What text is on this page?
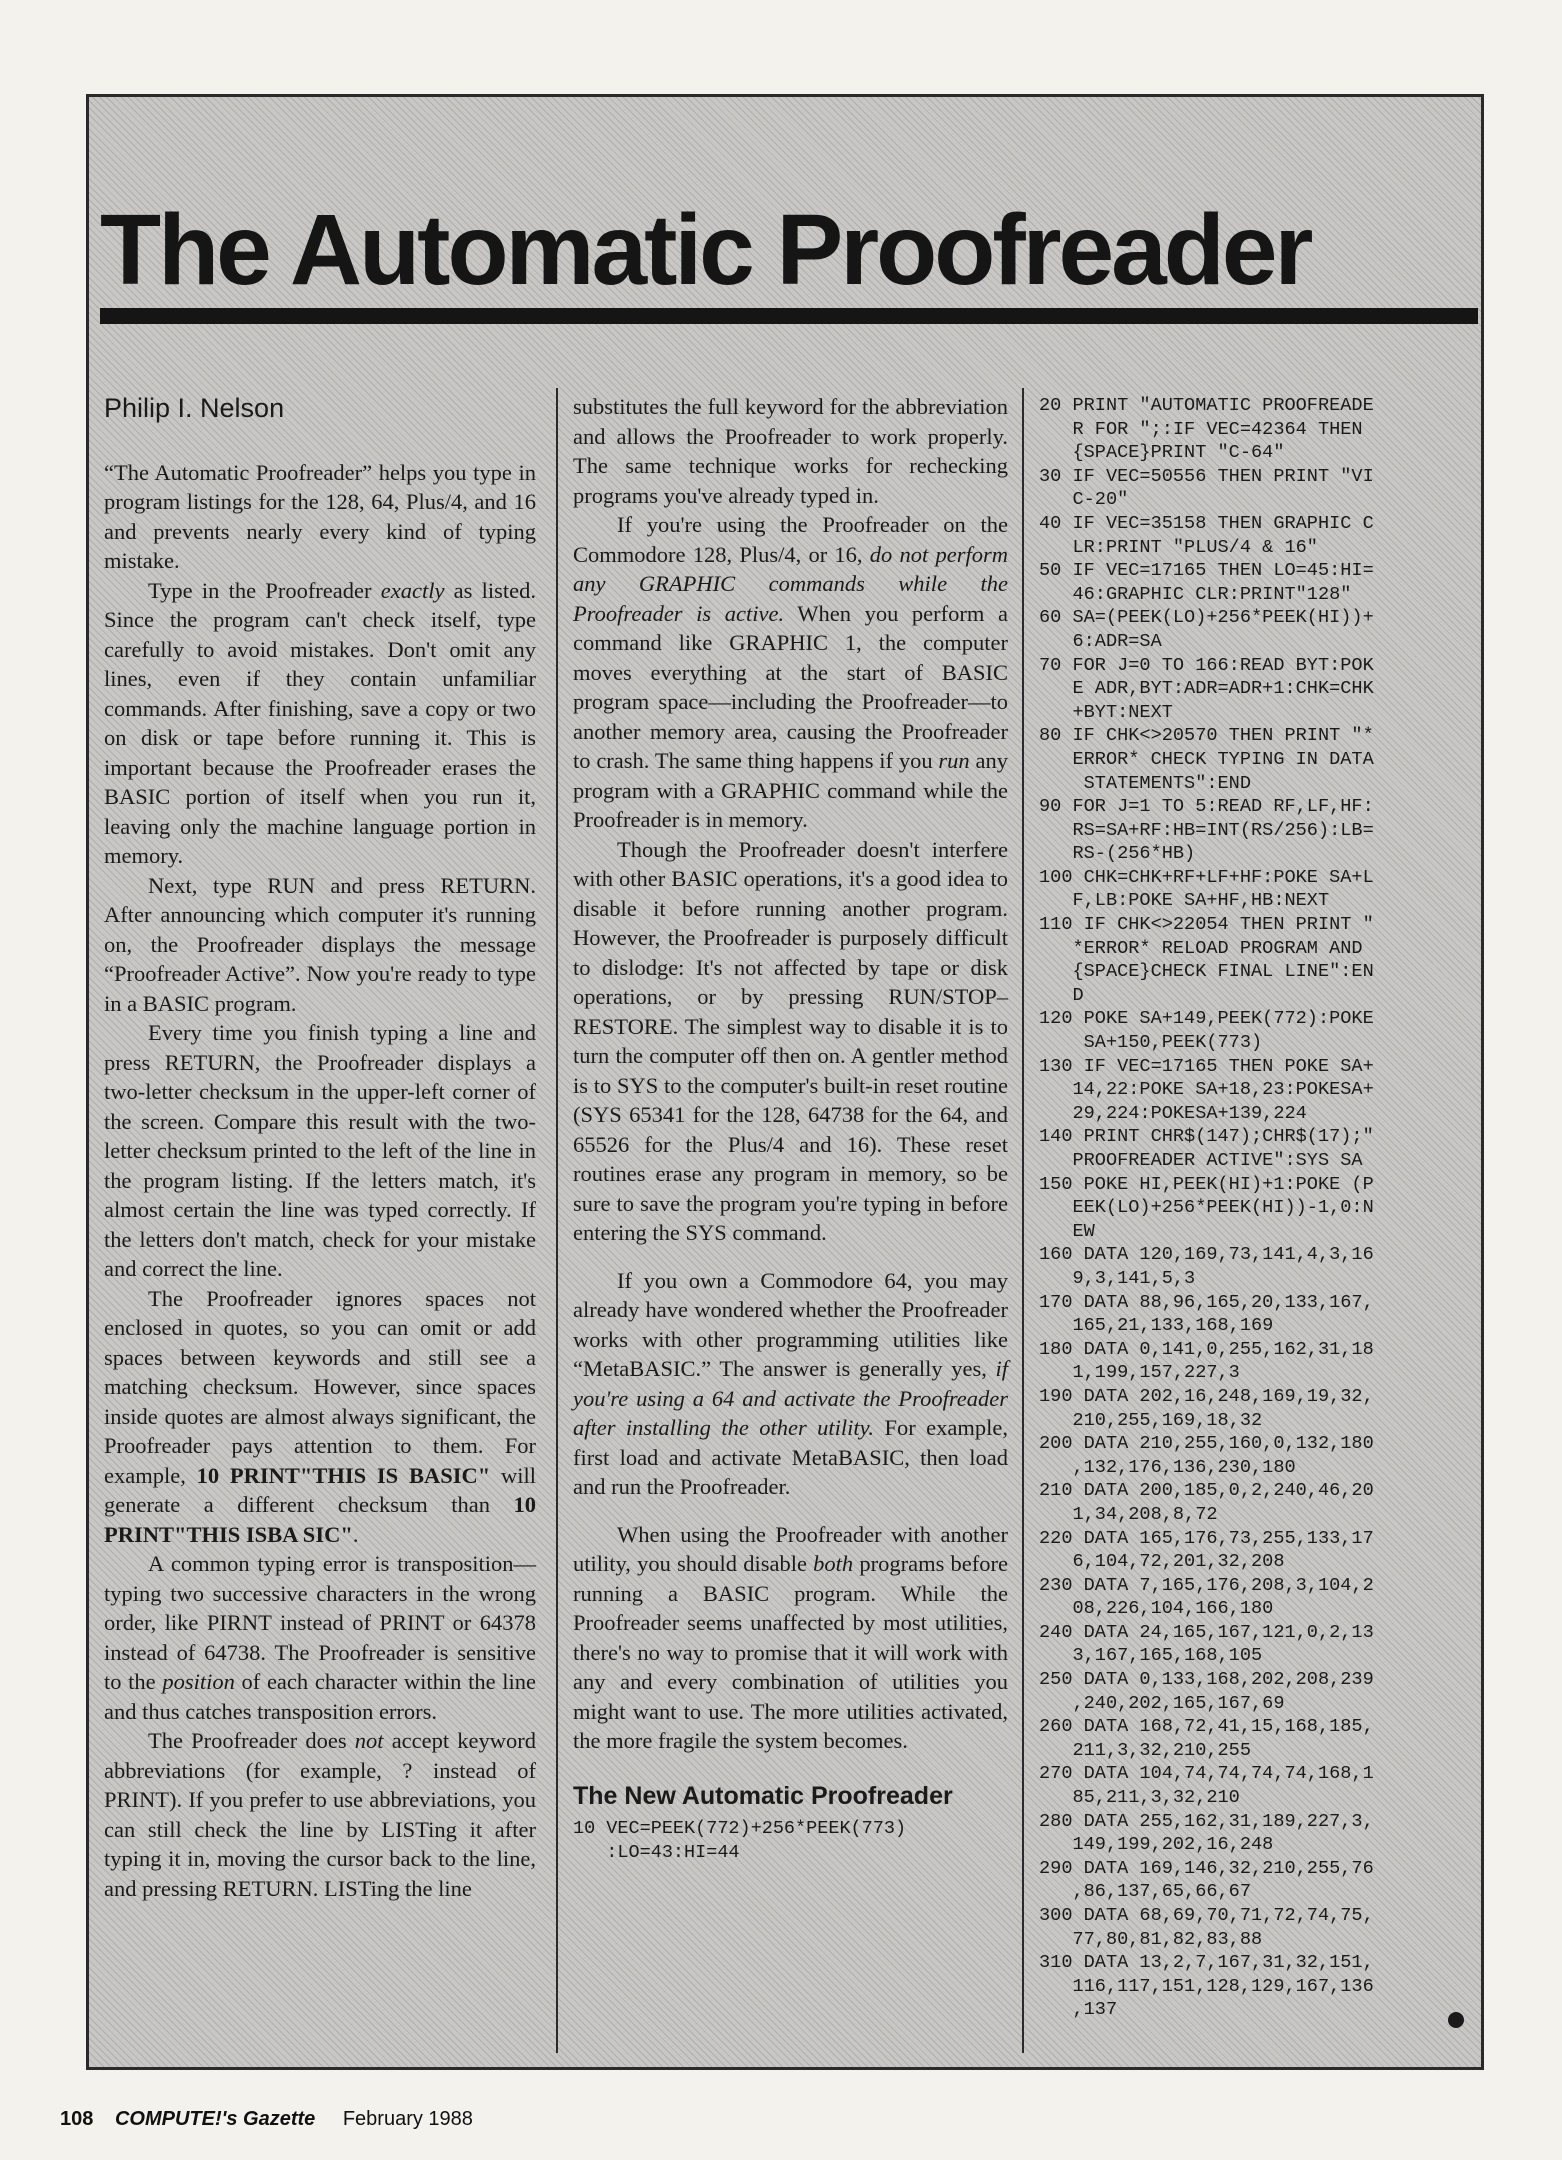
The Automatic Proofreader
Philip I. Nelson

“The Automatic Proofreader” helps you type in program listings for the 128, 64, Plus/4, and 16 and prevents nearly every kind of typing mistake.

Type in the Proofreader exactly as listed. Since the program can't check itself, type carefully to avoid mistakes. Don't omit any lines, even if they contain unfamiliar commands. After finishing, save a copy or two on disk or tape before running it. This is important because the Proofreader erases the BASIC portion of itself when you run it, leaving only the machine language portion in memory.

Next, type RUN and press RETURN. After announcing which computer it's running on, the Proofreader displays the message “Proofreader Active”. Now you're ready to type in a BASIC program.

Every time you finish typing a line and press RETURN, the Proofreader displays a two-letter checksum in the upper-left corner of the screen. Compare this result with the two-letter checksum printed to the left of the line in the program listing. If the letters match, it's almost certain the line was typed correctly. If the letters don't match, check for your mistake and correct the line.

The Proofreader ignores spaces not enclosed in quotes, so you can omit or add spaces between keywords and still see a matching checksum. However, since spaces inside quotes are almost always significant, the Proofreader pays attention to them. For example, 10 PRINT"THIS IS BASIC" will generate a different checksum than 10 PRINT"THIS ISBA SIC".

A common typing error is transposition—typing two successive characters in the wrong order, like PIRNT instead of PRINT or 64378 instead of 64738. The Proofreader is sensitive to the position of each character within the line and thus catches transposition errors.

The Proofreader does not accept keyword abbreviations (for example, ? instead of PRINT). If you prefer to use abbreviations, you can still check the line by LISTing it after typing it in, moving the cursor back to the line, and pressing RETURN. LISTing the line

substitutes the full keyword for the abbreviation and allows the Proofreader to work properly. The same technique works for rechecking programs you've already typed in.

If you're using the Proofreader on the Commodore 128, Plus/4, or 16, do not perform any GRAPHIC commands while the Proofreader is active. When you perform a command like GRAPHIC 1, the computer moves everything at the start of BASIC program space—including the Proofreader—to another memory area, causing the Proofreader to crash. The same thing happens if you run any program with a GRAPHIC command while the Proofreader is in memory.

Though the Proofreader doesn't interfere with other BASIC operations, it's a good idea to disable it before running another program. However, the Proofreader is purposely difficult to dislodge: It's not affected by tape or disk operations, or by pressing RUN/STOP–RESTORE. The simplest way to disable it is to turn the computer off then on. A gentler method is to SYS to the computer's built-in reset routine (SYS 65341 for the 128, 64738 for the 64, and 65526 for the Plus/4 and 16). These reset routines erase any program in memory, so be sure to save the program you're typing in before entering the SYS command.

If you own a Commodore 64, you may already have wondered whether the Proofreader works with other programming utilities like “MetaBASIC.” The answer is generally yes, if you're using a 64 and activate the Proofreader after installing the other utility. For example, first load and activate MetaBASIC, then load and run the Proofreader.

When using the Proofreader with another utility, you should disable both programs before running a BASIC program. While the Proofreader seems unaffected by most utilities, there's no way to promise that it will work with any and every combination of utilities you might want to use. The more utilities activated, the more fragile the system becomes.

The New Automatic Proofreader
10 VEC=PEEK(772)+256*PEEK(773)
:LO=43:HI=44
20 PRINT "AUTOMATIC PROOFREADE
R FOR ";:IF VEC=42364 THEN
{SPACE}PRINT "C-64"
30 IF VEC=50556 THEN PRINT "VI
C-20"
40 IF VEC=35158 THEN GRAPHIC C
LR:PRINT "PLUS/4 & 16"
50 IF VEC=17165 THEN LO=45:HI=
46:GRAPHIC CLR:PRINT"128"
60 SA=(PEEK(LO)+256*PEEK(HI))+
6:ADR=SA
70 FOR J=0 TO 166:READ BYT:POK
E ADR,BYT:ADR=ADR+1:CHK=CHK
+BYT:NEXT
80 IF CHK<>20570 THEN PRINT "*
ERROR* CHECK TYPING IN DATA
STATEMENTS":END
90 FOR J=1 TO 5:READ RF,LF,HF:
RS=SA+RF:HB=INT(RS/256):LB=
RS-(256*HB)
100 CHK=CHK+RF+LF+HF:POKE SA+L
F,LB:POKE SA+HF,HB:NEXT
110 IF CHK<>22054 THEN PRINT "
*ERROR* RELOAD PROGRAM AND
{SPACE}CHECK FINAL LINE":EN
D
120 POKE SA+149,PEEK(772):POKE
SA+150,PEEK(773)
130 IF VEC=17165 THEN POKE SA+
14,22:POKE SA+18,23:POKESA+
29,224:POKESA+139,224
140 PRINT CHR$(147);CHR$(17);"
PROOFREADER ACTIVE":SYS SA
150 POKE HI,PEEK(HI)+1:POKE (P
EEK(LO)+256*PEEK(HI))-1,0:N
EW
160 DATA 120,169,73,141,4,3,16
9,3,141,5,3
170 DATA 88,96,165,20,133,167,
165,21,133,168,169
180 DATA 0,141,0,255,162,31,18
1,199,157,227,3
190 DATA 202,16,248,169,19,32,
210,255,169,18,32
200 DATA 210,255,160,0,132,180
,132,176,136,230,180
210 DATA 200,185,0,2,240,46,20
1,34,208,8,72
220 DATA 165,176,73,255,133,17
6,104,72,201,32,208
230 DATA 7,165,176,208,3,104,2
08,226,104,166,180
240 DATA 24,165,167,121,0,2,13
3,167,165,168,105
250 DATA 0,133,168,202,208,239
,240,202,165,167,69
260 DATA 168,72,41,15,168,185,
211,3,32,210,255
270 DATA 104,74,74,74,74,168,1
85,211,3,32,210
280 DATA 255,162,31,189,227,3,
149,199,202,16,248
290 DATA 169,146,32,210,255,76
,86,137,65,66,67
300 DATA 68,69,70,71,72,74,75,
77,80,81,82,83,88
310 DATA 13,2,7,167,31,32,151,
116,117,151,128,129,167,136
,137
108 COMPUTE!'s Gazette February 1988
